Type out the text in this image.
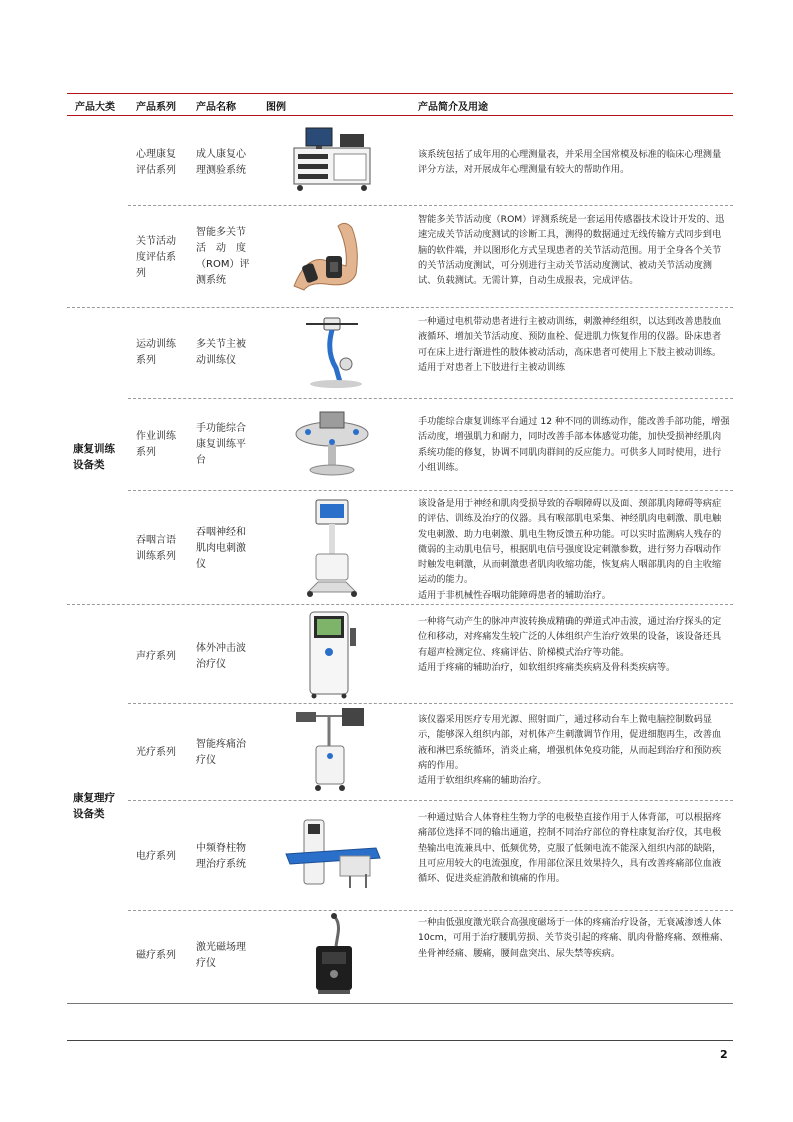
产品大类 产品系列 产品名称	图例	产品简介及用途
康复训练
设备类
康复理疗
设备类
心理康复
评估系列
成人康复心
理测验系统
该系统包括了成年用的心理测量表，并采用全国常模及标准的临床心理测量评分方法，对开展成年心理测量有较大的帮助作用。
关节活动
度评估系
列
智能多关节
活　动　度
（ROM）评
测系统
智能多关节活动度（ROM）评测系统是一套运用传感器技术设计开发的、迅速完成关节活动度测试的诊断工具，测得的数据通过无线传输方式同步到电脑的软件端，并以图形化方式呈现患者的关节活动范围。用于全身各个关节的关节活动度测试，可分别进行主动关节活动度测试、被动关节活动度测试、负载测试。无需计算，自动生成报表，完成评估。
运动训练
系列
多关节主被
动训练仪
一种通过电机带动患者进行主被动训练，刺激神经组织，以达到改善患肢血液循环、增加关节活动度、预防血栓、促进肌力恢复作用的仪器。卧床患者可在床上进行渐进性的肢体被动活动，高床患者可使用上下肢主被动训练。
适用于对患者上下肢进行主被动训练
作业训练
系列
手功能综合
康复训练平
台
手功能综合康复训练平台通过 12 种不同的训练动作，能改善手部功能，增强活动度，增强肌力和耐力，同时改善手部本体感觉功能，加快受损神经肌肉系统功能的修复，协调不同肌肉群间的反应能力。可供多人同时使用，进行小组训练。
吞咽言语
训练系列
吞咽神经和
肌肉电刺激
仪
该设备是用于神经和肌肉受损导致的吞咽障碍以及面、颈部肌肉障碍等病症的评估、训练及治疗的仪器。具有喉部肌电采集、神经肌肉电刺激、肌电触发电刺激、助力电刺激、肌电生物反馈五种功能。可以实时监测病人残存的微弱的主动肌电信号，根据肌电信号强度设定刺激参数，进行努力吞咽动作时触发电刺激，从而刺激患者肌肉收缩功能，恢复病人咽部肌肉的自主收缩运动的能力。
适用于非机械性吞咽功能障碍患者的辅助治疗。
声疗系列
体外冲击波
治疗仪
一种将气动产生的脉冲声波转换成精确的弹道式冲击波，通过治疗探头的定位和移动，对疼痛发生较广泛的人体组织产生治疗效果的设备，该设备还具有超声检测定位、疼痛评估、阶梯模式治疗等功能。
适用于疼痛的辅助治疗，如软组织疼痛类疾病及骨科类疾病等。
光疗系列
智能疼痛治
疗仪
该仪器采用医疗专用光源、照射面广，通过移动台车上微电脑控制数码显示，能够深入组织内部，对机体产生刺激调节作用，促进细胞再生，改善血液和淋巴系统循环，消炎止痛，增强机体免疫功能，从而起到治疗和预防疾病的作用。
适用于软组织疼痛的辅助治疗。
电疗系列
中频脊柱物
理治疗系统
一种通过贴合人体脊柱生物力学的电极垫直接作用于人体背部，可以根据疼痛部位选择不同的输出通道，控制不同治疗部位的脊柱康复治疗仪，其电极垫输出电流兼具中、低频优势，克服了低频电流不能深入组织内部的缺陷，且可应用较大的电流强度，作用部位深且效果持久，具有改善疼痛部位血液循环、促进炎症消散和镇痛的作用。
磁疗系列
激光磁场理
疗仪
一种由低强度激光联合高强度磁场于一体的疼痛治疗设备，无衰减渗透人体 10cm，可用于治疗腰肌劳损、关节炎引起的疼痛、肌肉骨骼疼痛、颈椎痛、坐骨神经痛、腰痛，腰间盘突出、尿失禁等疾病。
2
